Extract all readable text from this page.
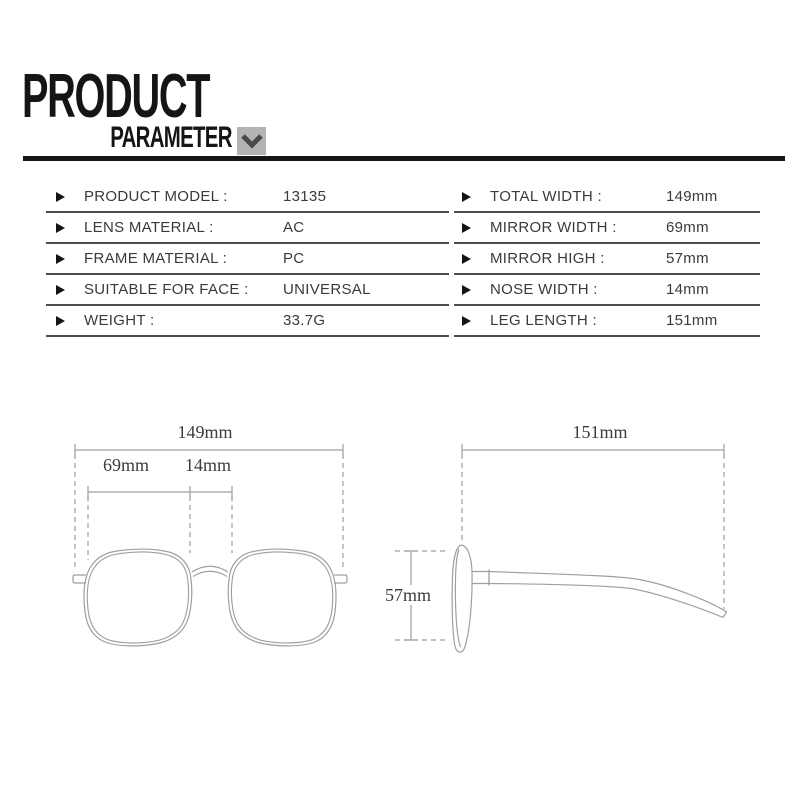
PRODUCT
PARAMETER
PRODUCT MODEL :	13135
LENS MATERIAL :	AC
FRAME MATERIAL :	PC
SUITABLE FOR FACE : UNIVERSAL
WEIGHT :	33.7G
TOTAL WIDTH :	149mm
MIRROR WIDTH :	69mm
MIRROR HIGH :	57mm
NOSE WIDTH :	14mm
LEG LENGTH :	151mm
149mm
69mm 14mm
151mm
57mm
